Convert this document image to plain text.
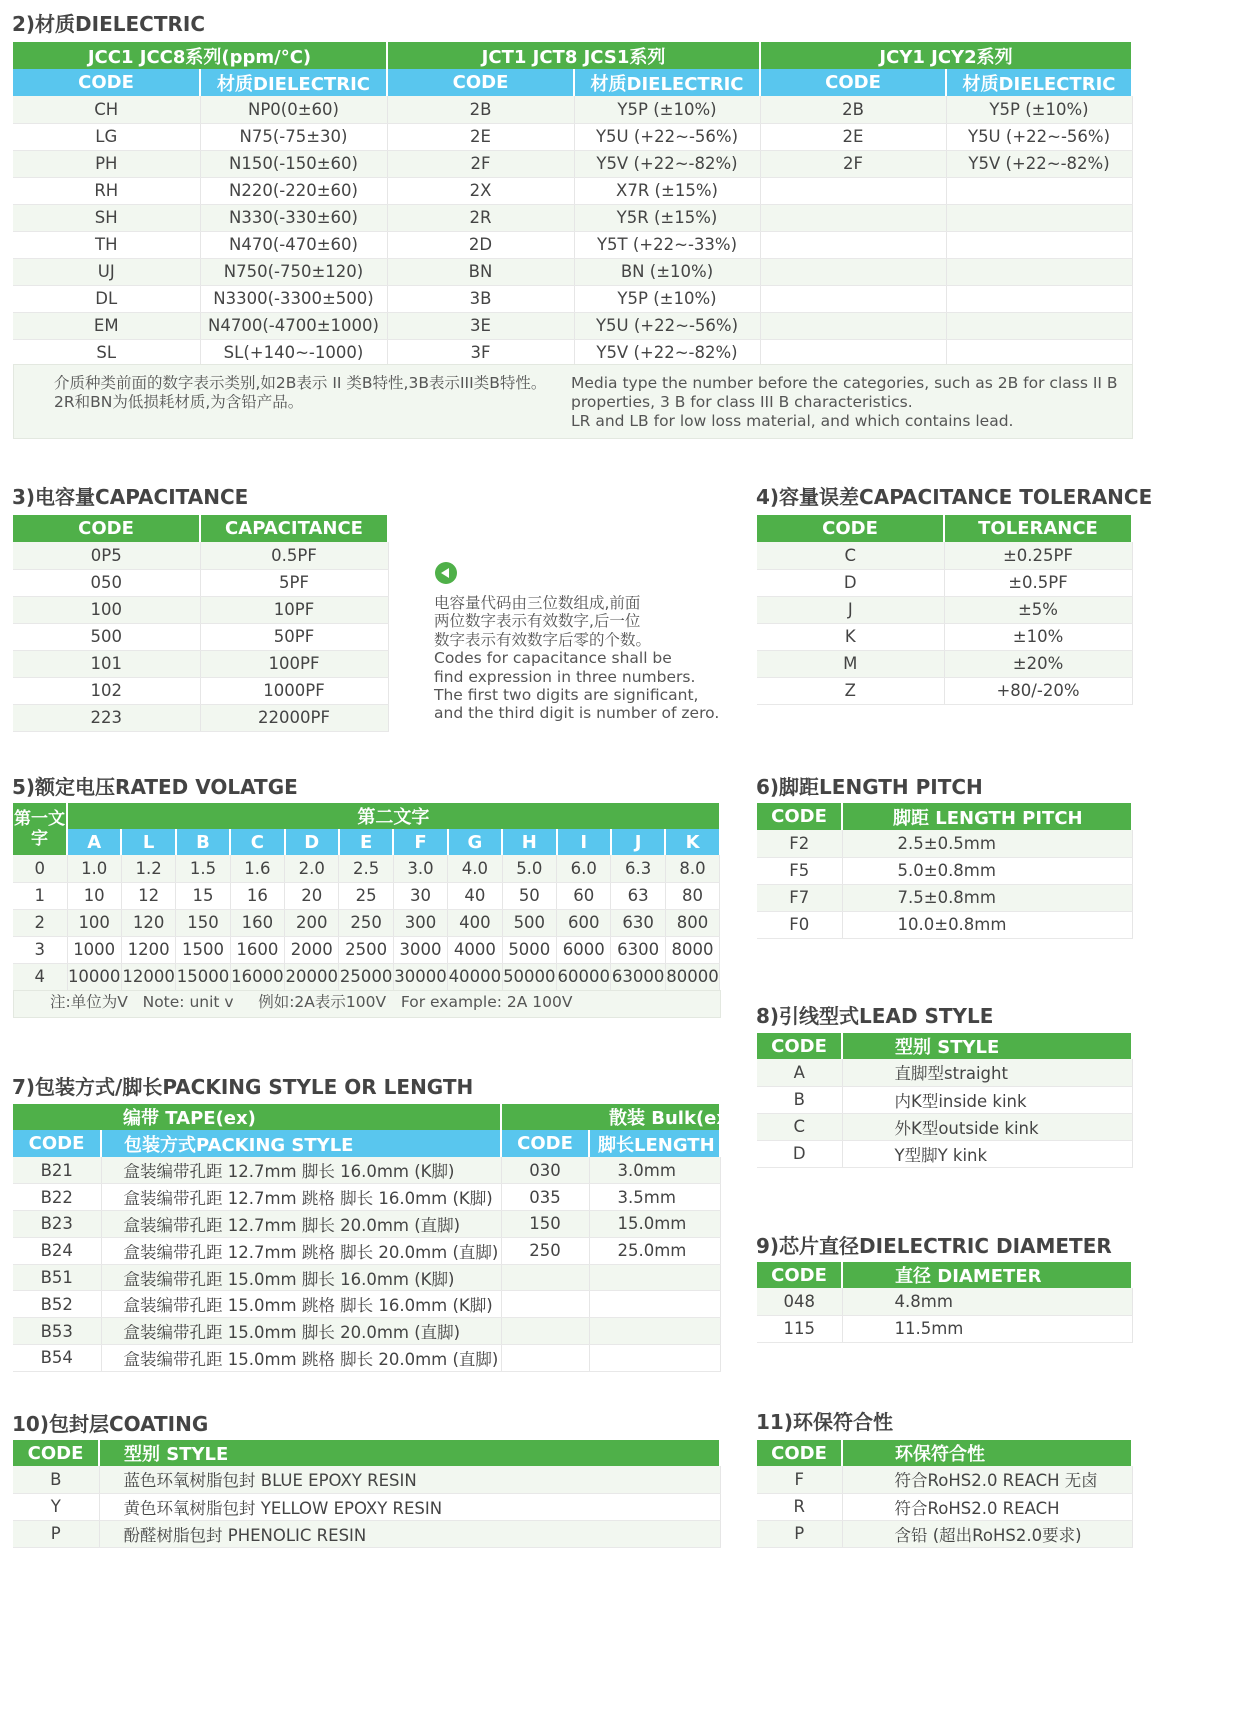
2)材质DIELECTRIC
JCC1 JCC8系列(ppm/°C)		JCT1 JCT8 JCS1系列		JCY1 JCY2系列	
CODE	材质DIELECTRIC	CODE	材质DIELECTRIC	CODE	材质DIELECTRIC
CH	NP0(0±60)	2B	Y5P (±10%)	2B	Y5P (±10%)
LG	N75(-75±30)	2E	Y5U (+22~-56%)	2E	Y5U (+22~-56%)
PH	N150(-150±60)	2F	Y5V (+22~-82%)	2F	Y5V (+22~-82%)
RH	N220(-220±60)	2X	X7R (±15%)		
SH	N330(-330±60)	2R	Y5R (±15%)		
TH	N470(-470±60)	2D	Y5T (+22~-33%)		
UJ	N750(-750±120)	BN	BN (±10%)		
DL	N3300(-3300±500)	3B	Y5P (±10%)		
EM	N4700(-4700±1000)	3E	Y5U (+22~-56%)		
SL	SL(+140~-1000)	3F	Y5V (+22~-82%)		
介质种类前面的数字表示类别,如2B表示 II 类B特性,3B表示III类B特性。
2R和BN为低损耗材质,为含铅产品。
Media type the number before the categories, such as 2B for class II B
properties, 3 B for class III B characteristics.
LR and LB for low loss material, and which contains lead.
3)电容量CAPACITANCE
CODE	CAPACITANCE
0P5	0.5PF
050	5PF
100	10PF
500	50PF
101	100PF
102	1000PF
223	22000PF
电容量代码由三位数组成,前面
两位数字表示有效数字,后一位
数字表示有效数字后零的个数。
Codes for capacitance shall be
find expression in three numbers.
The first two digits are significant,
and the third digit is number of zero.
4)容量误差CAPACITANCE TOLERANCE
CODE	TOLERANCE
C	±0.25PF
D	±0.5PF
J	±5%
K	±10%
M	±20%
Z	+80/-20%
5)额定电压RATED VOLATGE
第一文字	第二文字											
	A	L	B	C	D	E	F	G	H	I	J	K
0	1.0	1.2	1.5	1.6	2.0	2.5	3.0	4.0	5.0	6.0	6.3	8.0
1	10	12	15	16	20	25	30	40	50	60	63	80
2	100	120	150	160	200	250	300	400	500	600	630	800
3	1000	1200	1500	1600	2000	2500	3000	4000	5000	6000	6300	8000
4	10000	12000	15000	16000	20000	25000	30000	40000	50000	60000	63000	80000
注:单位为V   Note: unit v     例如:2A表示100V   For example: 2A 100V
6)脚距LENGTH PITCH
CODE	脚距 LENGTH PITCH
F2	2.5±0.5mm
F5	5.0±0.8mm
F7	7.5±0.8mm
F0	10.0±0.8mm
7)包装方式/脚长PACKING STYLE OR LENGTH
编带 TAPE(ex)		散装 Bulk(ex)	
CODE	包装方式PACKING STYLE	CODE	脚长LENGTH
B21	盒装编带孔距 12.7mm 脚长 16.0mm (K脚)	030	3.0mm
B22	盒装编带孔距 12.7mm 跳格 脚长 16.0mm (K脚)	035	3.5mm
B23	盒装编带孔距 12.7mm 脚长 20.0mm (直脚)	150	15.0mm
B24	盒装编带孔距 12.7mm 跳格 脚长 20.0mm (直脚)	250	25.0mm
B51	盒装编带孔距 15.0mm 脚长 16.0mm (K脚)		
B52	盒装编带孔距 15.0mm 跳格 脚长 16.0mm (K脚)		
B53	盒装编带孔距 15.0mm 脚长 20.0mm (直脚)		
B54	盒装编带孔距 15.0mm 跳格 脚长 20.0mm (直脚)		
8)引线型式LEAD STYLE
CODE	型别 STYLE
A	直脚型straight
B	内K型inside kink
C	外K型outside kink
D	Y型脚Y kink
9)芯片直径DIELECTRIC DIAMETER
CODE	直径 DIAMETER
048	4.8mm
115	11.5mm
10)包封层COATING
CODE	型别 STYLE
B	蓝色环氧树脂包封 BLUE EPOXY RESIN
Y	黄色环氧树脂包封 YELLOW EPOXY RESIN
P	酚醛树脂包封 PHENOLIC RESIN
11)环保符合性
CODE	环保符合性
F	符合RoHS2.0 REACH 无卤
R	符合RoHS2.0 REACH
P	含铅 (超出RoHS2.0要求)
